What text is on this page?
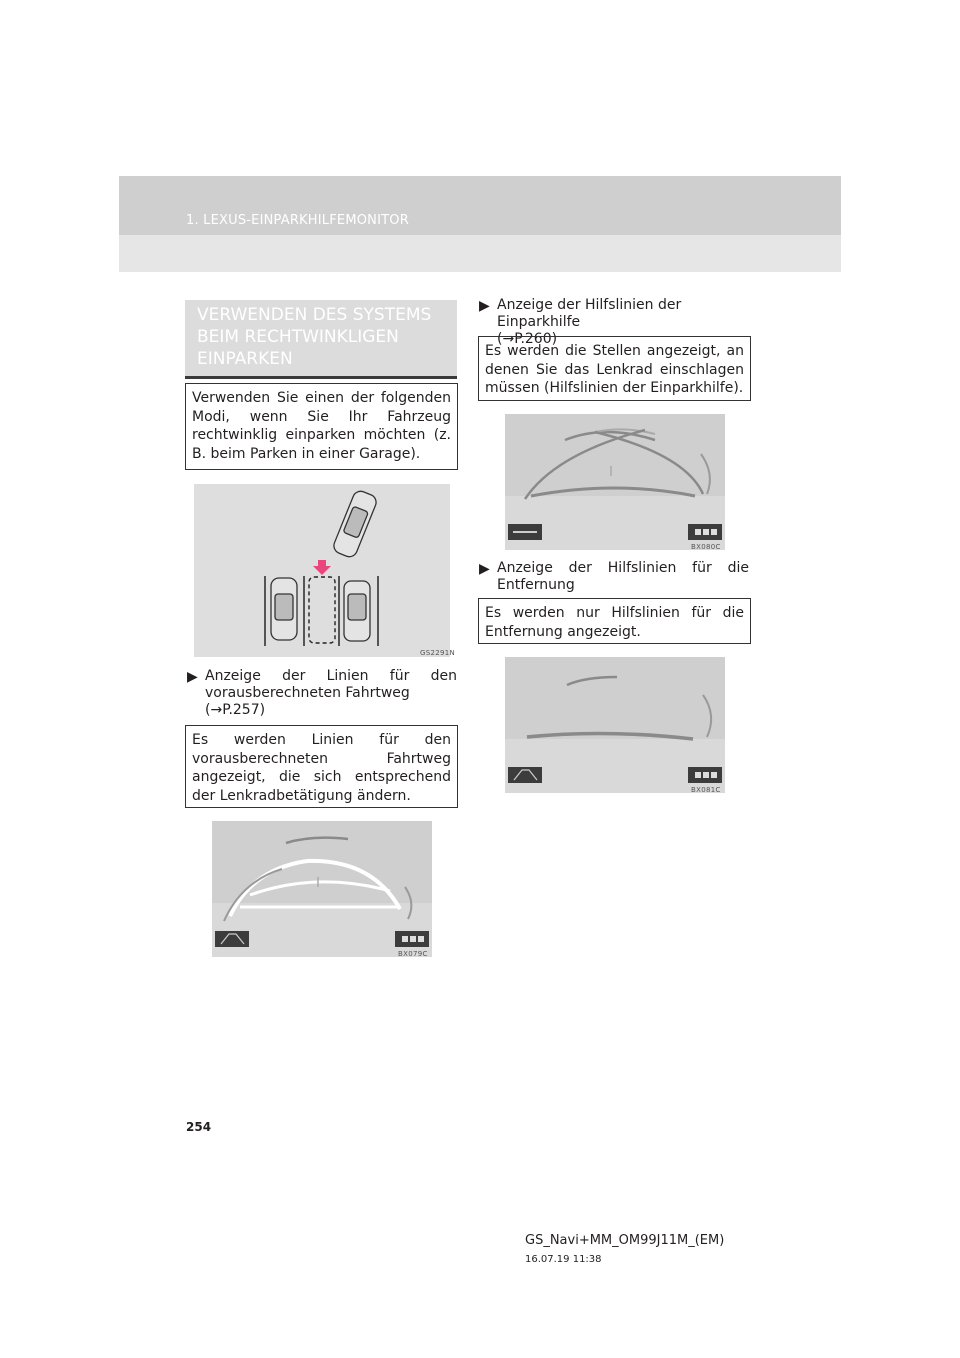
1. LEXUS-EINPARKHILFEMONITOR
VERWENDEN DES SYSTEMS BEIM RECHTWINKLIGEN EINPARKEN
Verwenden Sie einen der folgenden Modi, wenn Sie Ihr Fahrzeug rechtwinklig einparken möchten (z. B. beim Parken in einer Garage).
GS2291N
▶ Anzeige der Linien für den vorausberechneten Fahrtweg
(→P.257)
Es werden Linien für den vorausberechneten Fahrtweg angezeigt, die sich entsprechend der Lenkradbetätigung ändern.
BX079C
▶ Anzeige der Hilfslinien der Einparkhilfe
(→P.260)
Es werden die Stellen angezeigt, an denen Sie das Lenkrad einschlagen müssen (Hilfslinien der Einparkhilfe).
BX080C
▶ Anzeige der Hilfslinien für die Entfernung
Es werden nur Hilfslinien für die Entfernung angezeigt.
BX081C
254
GS_Navi+MM_OM99J11M_(EM)
16.07.19 11:38
